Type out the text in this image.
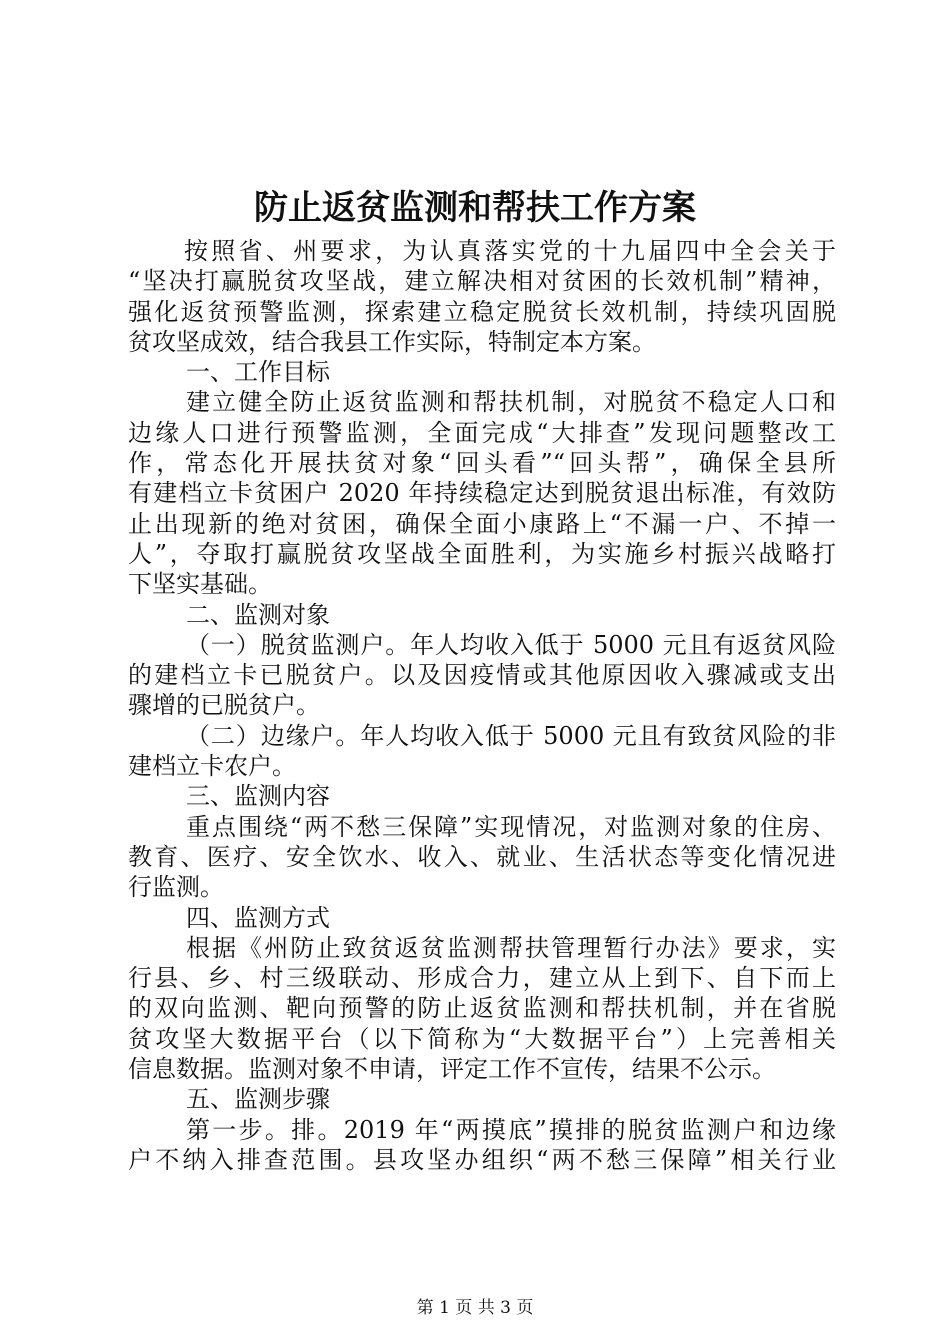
防止返贫监测和帮扶工作方案
按照省、州要求，为认真落实党的十九届四中全会关于
“坚决打赢脱贫攻坚战，建立解决相对贫困的长效机制”精神，
强化返贫预警监测，探索建立稳定脱贫长效机制，持续巩固脱
贫攻坚成效，结合我县工作实际，特制定本方案。
一、工作目标
建立健全防止返贫监测和帮扶机制，对脱贫不稳定人口和
边缘人口进行预警监测，全面完成“大排查”发现问题整改工
作，常态化开展扶贫对象“回头看”“回头帮”，确保全县所
有建档立卡贫困户 2020 年持续稳定达到脱贫退出标准，有效防
止出现新的绝对贫困，确保全面小康路上“不漏一户、不掉一
人”，夺取打赢脱贫攻坚战全面胜利，为实施乡村振兴战略打
下坚实基础。
二、监测对象
（一）脱贫监测户。年人均收入低于 5000 元且有返贫风险
的建档立卡已脱贫户。以及因疫情或其他原因收入骤减或支出
骤增的已脱贫户。
（二）边缘户。年人均收入低于 5000 元且有致贫风险的非
建档立卡农户。
三、监测内容
重点围绕“两不愁三保障”实现情况，对监测对象的住房、
教育、医疗、安全饮水、收入、就业、生活状态等变化情况进
行监测。
四、监测方式
根据《州防止致贫返贫监测帮扶管理暂行办法》要求，实
行县、乡、村三级联动、形成合力，建立从上到下、自下而上
的双向监测、靶向预警的防止返贫监测和帮扶机制，并在省脱
贫攻坚大数据平台（以下简称为“大数据平台”）上完善相关
信息数据。监测对象不申请，评定工作不宣传，结果不公示。
五、监测步骤
第一步。排。2019 年“两摸底”摸排的脱贫监测户和边缘
户不纳入排查范围。县攻坚办组织“两不愁三保障”相关行业
第 1 页 共 3 页
